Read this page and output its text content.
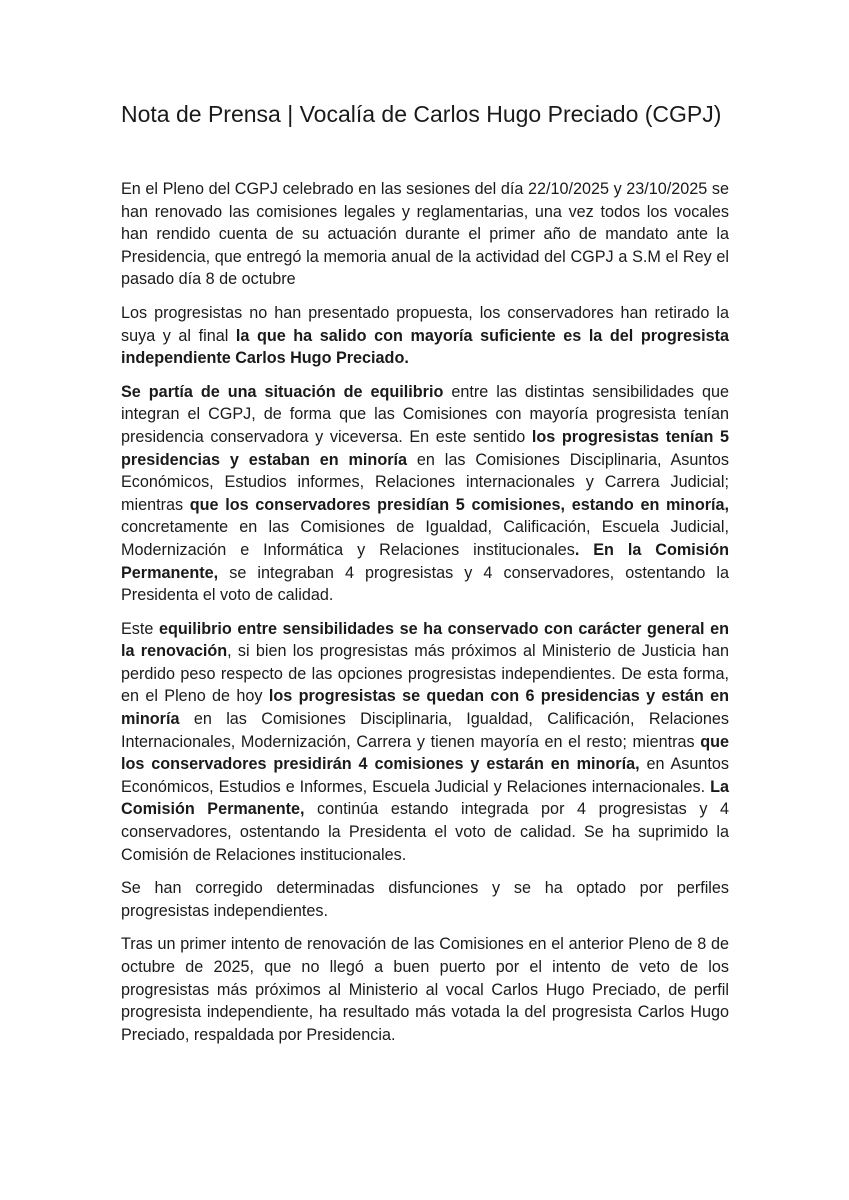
Nota de Prensa | Vocalía de Carlos Hugo Preciado (CGPJ)

En el Pleno del CGPJ celebrado en las sesiones del día 22/10/2025 y 23/10/2025 se han renovado las comisiones legales y reglamentarias, una vez todos los vocales han rendido cuenta de su actuación durante el primer año de mandato ante la Presidencia, que entregó la memoria anual de la actividad del CGPJ a S.M el Rey el pasado día 8 de octubre

Los progresistas no han presentado propuesta, los conservadores han retirado la suya y al final la que ha salido con mayoría suficiente es la del progresista independiente Carlos Hugo Preciado.

Se partía de una situación de equilibrio entre las distintas sensibilidades que integran el CGPJ, de forma que las Comisiones con mayoría progresista tenían presidencia conservadora y viceversa. En este sentido los progresistas tenían 5 presidencias y estaban en minoría en las Comisiones Disciplinaria, Asuntos Económicos, Estudios informes, Relaciones internacionales y Carrera Judicial; mientras que los conservadores presidían 5 comisiones, estando en minoría, concretamente en las Comisiones de Igualdad, Calificación, Escuela Judicial, Modernización e Informática y Relaciones institucionales. En la Comisión Permanente, se integraban 4 progresistas y 4 conservadores, ostentando la Presidenta el voto de calidad.

Este equilibrio entre sensibilidades se ha conservado con carácter general en la renovación, si bien los progresistas más próximos al Ministerio de Justicia han perdido peso respecto de las opciones progresistas independientes. De esta forma, en el Pleno de hoy los progresistas se quedan con 6 presidencias y están en minoría en las Comisiones Disciplinaria, Igualdad, Calificación, Relaciones Internacionales, Modernización, Carrera y tienen mayoría en el resto; mientras que los conservadores presidirán 4 comisiones y estarán en minoría, en Asuntos Económicos, Estudios e Informes, Escuela Judicial y Relaciones internacionales. La Comisión Permanente, continúa estando integrada por 4 progresistas y 4 conservadores, ostentando la Presidenta el voto de calidad. Se ha suprimido la Comisión de Relaciones institucionales.

Se han corregido determinadas disfunciones y se ha optado por perfiles progresistas independientes.

Tras un primer intento de renovación de las Comisiones en el anterior Pleno de 8 de octubre de 2025, que no llegó a buen puerto por el intento de veto de los progresistas más próximos al Ministerio al vocal Carlos Hugo Preciado, de perfil progresista independiente, ha resultado más votada la del progresista Carlos Hugo Preciado, respaldada por Presidencia.
